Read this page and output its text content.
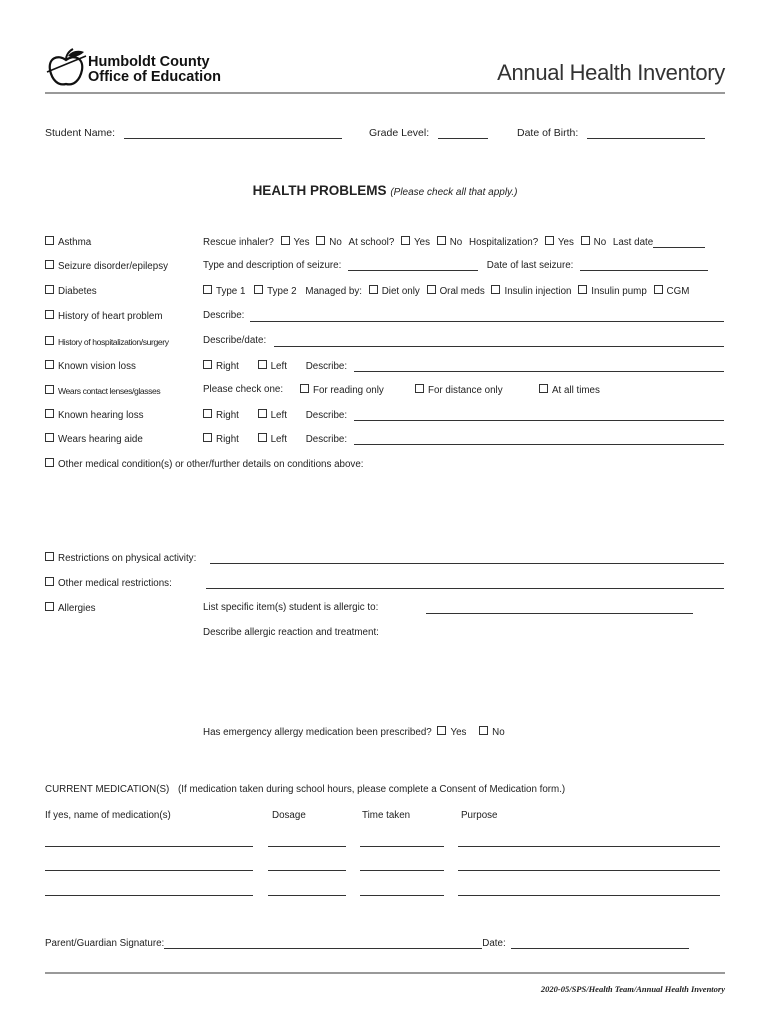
Humboldt County
Office of Education	Annual Health Inventory
Student Name:	Grade Level:	Date of Birth:
HEALTH PROBLEMS (Please check all that apply.)
Asthma	Rescue inhaler? Yes No At school? Yes No Hospitalization? Yes No Last date
Seizure disorder/epilepsy	Type and description of seizure:	Date of last seizure:
Diabetes	Type 1 Type 2 Managed by: Diet only Oral meds Insulin injection Insulin pump CGM
History of heart problem	Describe:
History of hospitalization/surgery	Describe/date:
Known vision loss	Right	Left Describe:
Wears contact lenses/glasses	Please check one:	For reading only	For distance only	At all times
Known hearing loss	Right	Left Describe:
Wears hearing aide	Right	Left Describe:
Other medical condition(s) or other/further details on conditions above:
Restrictions on physical activity:
Other medical restrictions:
Allergies	List specific item(s) student is allergic to:
Describe allergic reaction and treatment:
Has emergency allergy medication been prescribed? Yes	No
CURRENT MEDICATION(S) (If medication taken during school hours, please complete a Consent of Medication form.)
If yes, name of medication(s)	Dosage	Time taken	Purpose
Parent/Guardian Signature:	Date:
2020-05/SPS/Health Team/Annual Health Inventory
